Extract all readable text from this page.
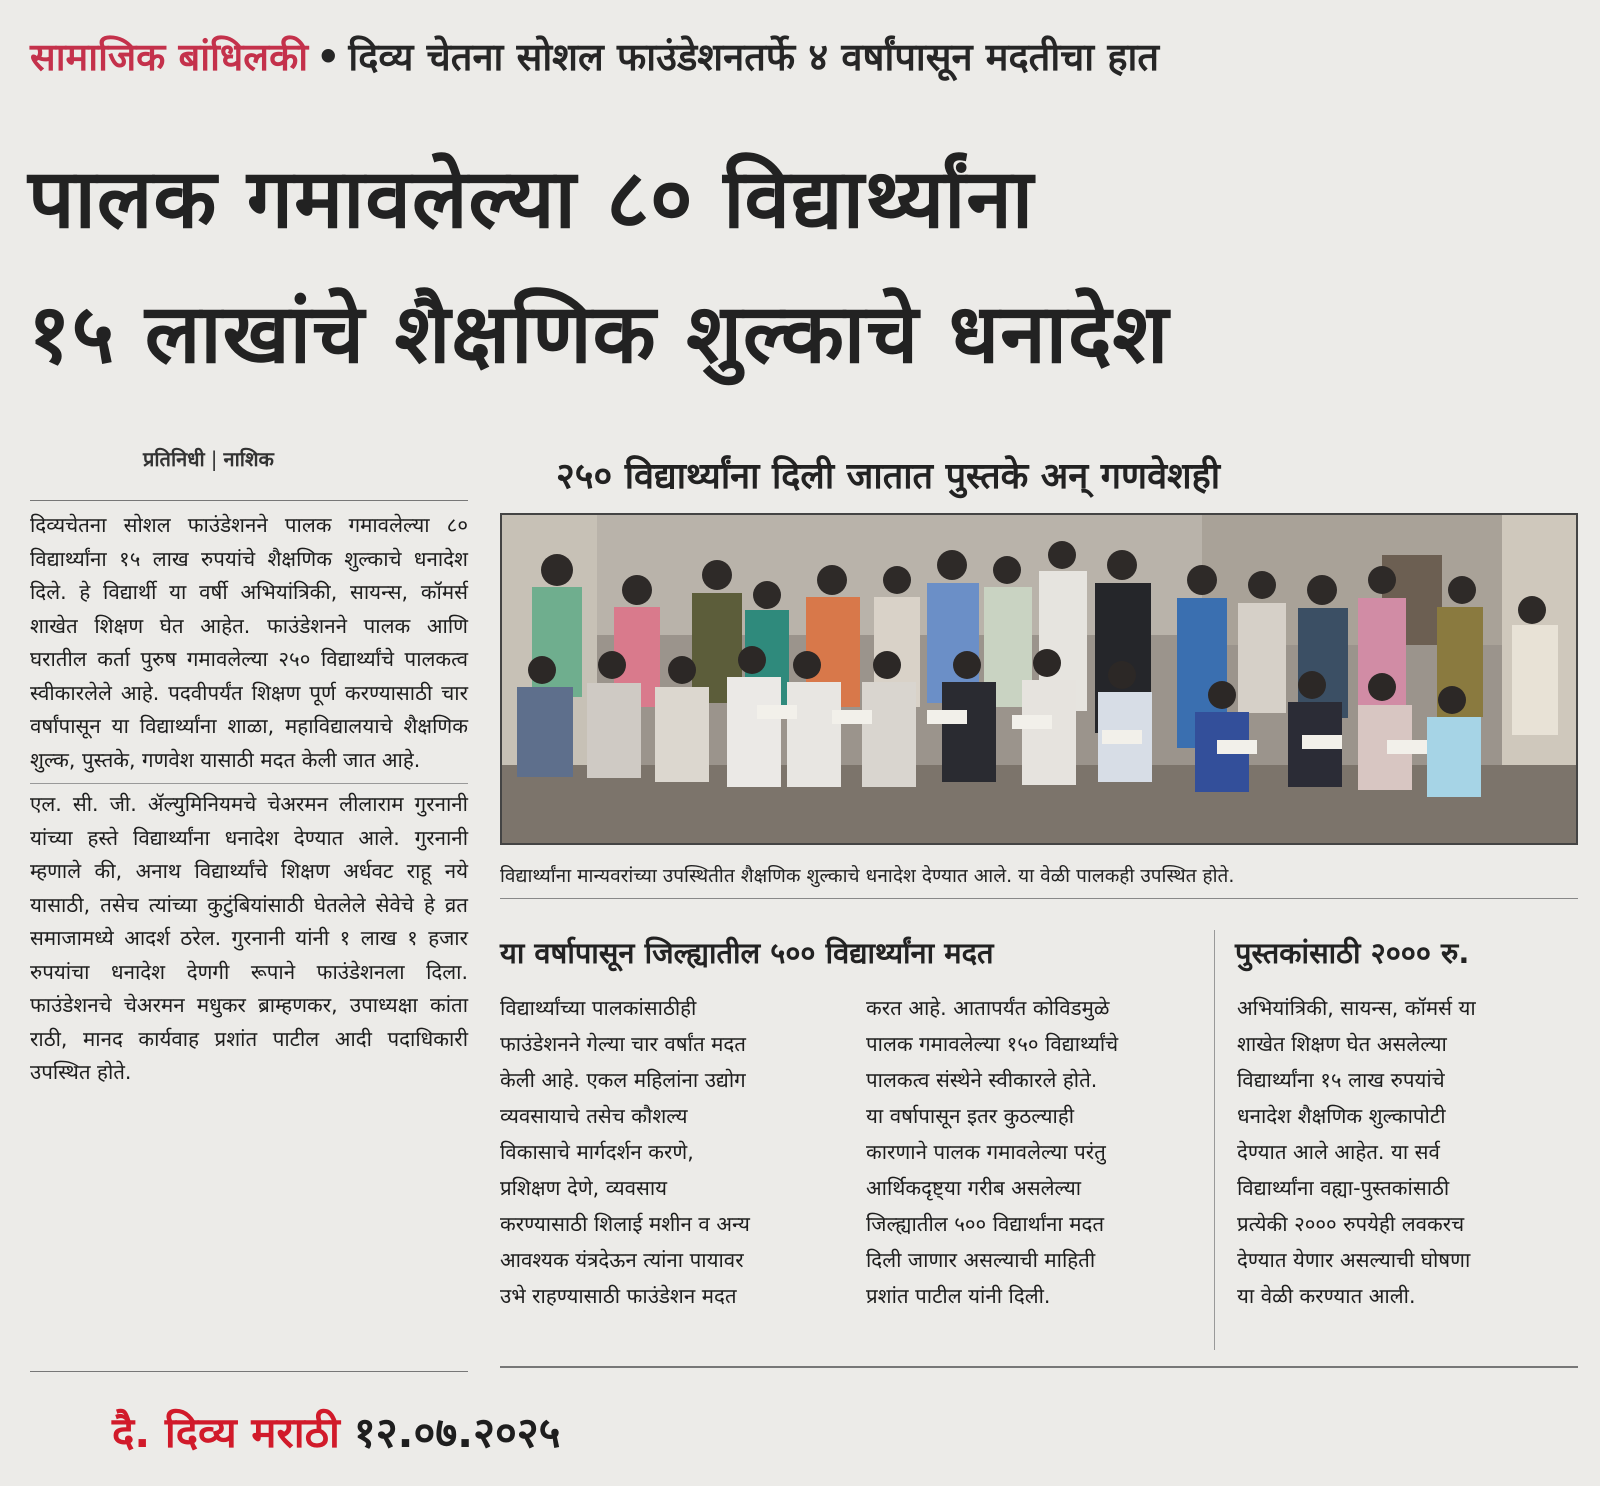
सामाजिक बांधिलकी • दिव्य चेतना सोशल फाउंडेशनतर्फे ४ वर्षांपासून मदतीचा हात
पालक गमावलेल्या ८० विद्यार्थ्यांना
१५ लाखांचे शैक्षणिक शुल्काचे धनादेश
प्रतिनिधी | नाशिक	२५० विद्यार्थ्यांना दिली जातात पुस्तके अन् गणवेशही

दिव्यचेतना सोशल फाउंडेशनने पालक गमावलेल्या ८० विद्यार्थ्यांना १५ लाख रुपयांचे शैक्षणिक शुल्काचे धनादेश दिले. हे विद्यार्थी या वर्षी अभियांत्रिकी, सायन्स, कॉमर्स शाखेत शिक्षण घेत आहेत. फाउंडेशनने पालक आणि घरातील कर्ता पुरुष गमावलेल्या २५० विद्यार्थ्यांचे पालकत्व स्वीकारलेले आहे. पदवीपर्यंत शिक्षण पूर्ण करण्यासाठी चार वर्षांपासून या विद्यार्थ्यांना शाळा, महाविद्यालयाचे शैक्षणिक शुल्क, पुस्तके, गणवेश यासाठी मदत केली जात आहे.

एल. सी. जी. ॲल्युमिनियमचे चेअरमन लीलाराम गुरनानी यांच्या हस्ते विद्यार्थ्यांना धनादेश देण्यात आले. गुरनानी म्हणाले की, अनाथ विद्यार्थ्यांचे शिक्षण अर्धवट राहू नये यासाठी, तसेच त्यांच्या कुटुंबियांसाठी घेतलेले सेवेचे हे व्रत समाजामध्ये आदर्श ठरेल. गुरनानी यांनी १ लाख १ हजार रुपयांचा धनादेश देणगी रूपाने फाउंडेशनला दिला. फाउंडेशनचे चेअरमन मधुकर ब्राम्हणकर, उपाध्यक्षा कांता राठी, मानद कार्यवाह प्रशांत पाटील आदी पदाधिकारी उपस्थित होते.

विद्यार्थ्यांना मान्यवरांच्या उपस्थितीत शैक्षणिक शुल्काचे धनादेश देण्यात आले. या वेळी पालकही उपस्थित होते.
या वर्षापासून जिल्ह्यातील ५०० विद्यार्थ्यांना मदत	पुस्तकांसाठी २००० रु.

विद्यार्थ्यांच्या पालकांसाठीही

फाउंडेशनने गेल्या चार वर्षांत मदत

केली आहे. एकल महिलांना उद्योग

व्यवसायाचे तसेच कौशल्य

विकासाचे मार्गदर्शन करणे,

प्रशिक्षण देणे, व्यवसाय

करण्यासाठी शिलाई मशीन व अन्य

आवश्यक यंत्रदेऊन त्यांना पायावर

उभे राहण्यासाठी फाउंडेशन मदत

करत आहे. आतापर्यंत कोविडमुळे

पालक गमावलेल्या १५० विद्यार्थ्यांचे

पालकत्व संस्थेने स्वीकारले होते.

या वर्षापासून इतर कुठल्याही

कारणाने पालक गमावलेल्या परंतु

आर्थिकदृष्ट्या गरीब असलेल्या

जिल्ह्यातील ५०० विद्यार्थांना मदत

दिली जाणार असल्याची माहिती

प्रशांत पाटील यांनी दिली.

अभियांत्रिकी, सायन्स, कॉमर्स या

शाखेत शिक्षण घेत असलेल्या

विद्यार्थ्यांना १५ लाख रुपयांचे

धनादेश शैक्षणिक शुल्कापोटी

देण्यात आले आहेत. या सर्व

विद्यार्थ्यांना वह्या-पुस्तकांसाठी

प्रत्येकी २००० रुपयेही लवकरच

देण्यात येणार असल्याची घोषणा

या वेळी करण्यात आली.

दै. दिव्य मराठी १२.०७.२०२५
